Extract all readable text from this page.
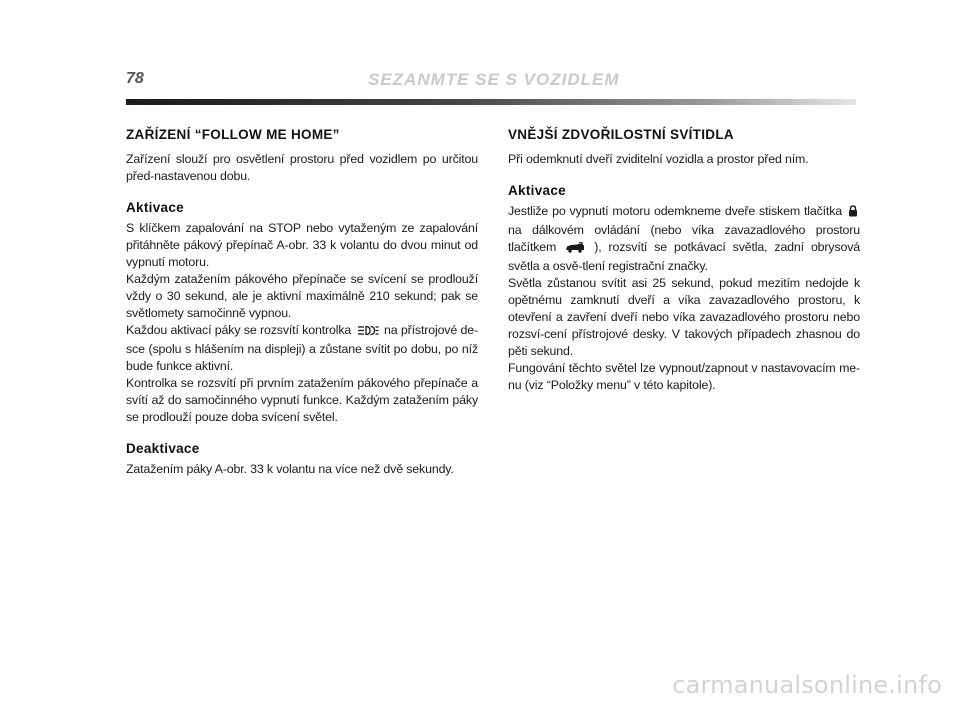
78	SEZANMTE SE S VOZIDLEM
ZAŘÍZENÍ “FOLLOW ME HOME”

Zařízení slouží pro osvětlení prostoru před vozidlem po určitou před-nastavenou dobu.

Aktivace

S klíčkem zapalování na STOP nebo vytaženým ze zapalování přitáhněte pákový přepínač A-obr. 33 k volantu do dvou minut od vypnutí motoru.

Každým zatažením pákového přepínače se svícení se prodlouží vždy o 30 sekund, ale je aktivní maximálně 210 sekund; pak se světlomety samočinně vypnou.

Každou aktivací páky se rozsvítí kontrolka	na přístrojové de-sce (spolu s hlášením na displeji) a zůstane svítit po dobu, po níž bude funkce aktivní.

Kontrolka se rozsvítí při prvním zatažením pákového přepínače a svítí až do samočinného vypnutí funkce. Každým zatažením páky se prodlouží pouze doba svícení světel.

Deaktivace

Zatažením páky A-obr. 33 k volantu na více než dvě sekundy.

VNĚJŠÍ ZDVOŘILOSTNÍ SVÍTIDLA

Při odemknutí dveří zviditelní vozidla a prostor před ním.

Aktivace

Jestliže po vypnutí motoru odemkneme dveře stiskem tlačítka  na dálkovém ovládání (nebo víka zavazadlového prostoru tlačítkem	), rozsvítí se potkávací světla, zadní obrysová světla a osvě-tlení registrační značky.

Světla zůstanou svítit asi 25 sekund, pokud mezitím nedojde k opětnému zamknutí dveří a víka zavazadlového prostoru, k otevření a zavření dveří nebo víka zavazadlového prostoru nebo rozsví-cení přístrojové desky. V takových případech zhasnou do pěti sekund.

Fungování těchto světel lze vypnout/zapnout v nastavovacím me-nu (viz “Položky menu” v této kapitole).

carmanualsonline.info
